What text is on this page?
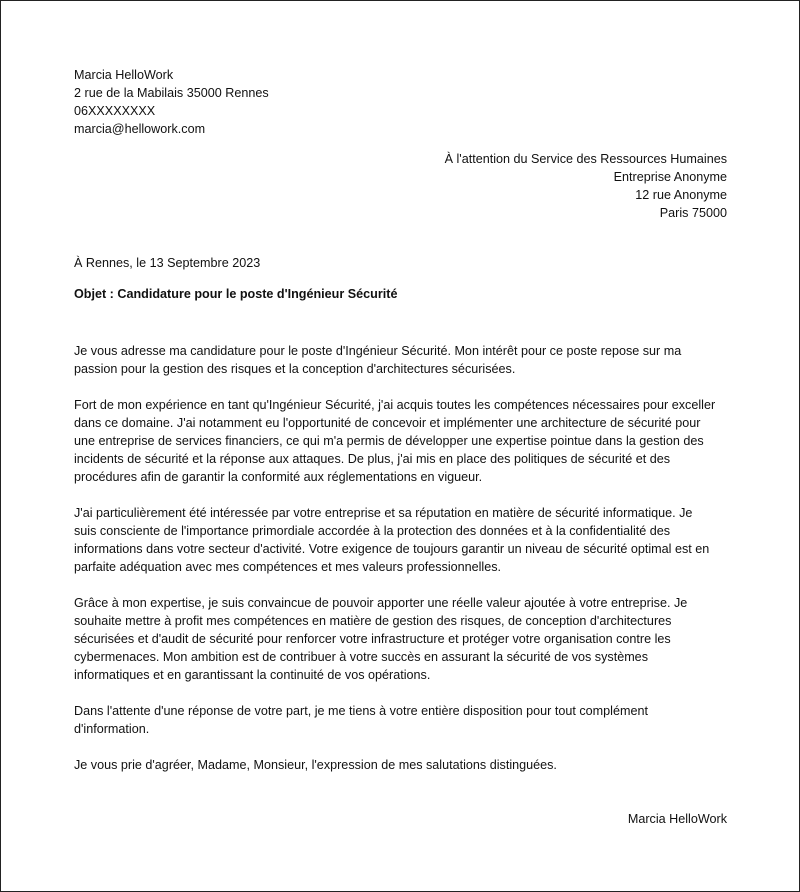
Marcia HelloWork
2 rue de la Mabilais 35000 Rennes
06XXXXXXXX
marcia@hellowork.com
À l'attention du Service des Ressources Humaines
Entreprise Anonyme
12 rue Anonyme
Paris 75000
À Rennes, le 13 Septembre 2023
Objet : Candidature pour le poste d'Ingénieur Sécurité
Je vous adresse ma candidature pour le poste d'Ingénieur Sécurité. Mon intérêt pour ce poste repose sur ma
passion pour la gestion des risques et la conception d'architectures sécurisées.
Fort de mon expérience en tant qu'Ingénieur Sécurité, j'ai acquis toutes les compétences nécessaires pour exceller
dans ce domaine. J'ai notamment eu l'opportunité de concevoir et implémenter une architecture de sécurité pour
une entreprise de services financiers, ce qui m'a permis de développer une expertise pointue dans la gestion des
incidents de sécurité et la réponse aux attaques. De plus, j'ai mis en place des politiques de sécurité et des
procédures afin de garantir la conformité aux réglementations en vigueur.
J'ai particulièrement été intéressée par votre entreprise et sa réputation en matière de sécurité informatique. Je
suis consciente de l'importance primordiale accordée à la protection des données et à la confidentialité des
informations dans votre secteur d'activité. Votre exigence de toujours garantir un niveau de sécurité optimal est en
parfaite adéquation avec mes compétences et mes valeurs professionnelles.
Grâce à mon expertise, je suis convaincue de pouvoir apporter une réelle valeur ajoutée à votre entreprise. Je
souhaite mettre à profit mes compétences en matière de gestion des risques, de conception d'architectures
sécurisées et d'audit de sécurité pour renforcer votre infrastructure et protéger votre organisation contre les
cybermenaces. Mon ambition est de contribuer à votre succès en assurant la sécurité de vos systèmes
informatiques et en garantissant la continuité de vos opérations.
Dans l'attente d'une réponse de votre part, je me tiens à votre entière disposition pour tout complément
d'information.
Je vous prie d'agréer, Madame, Monsieur, l'expression de mes salutations distinguées.
Marcia HelloWork
